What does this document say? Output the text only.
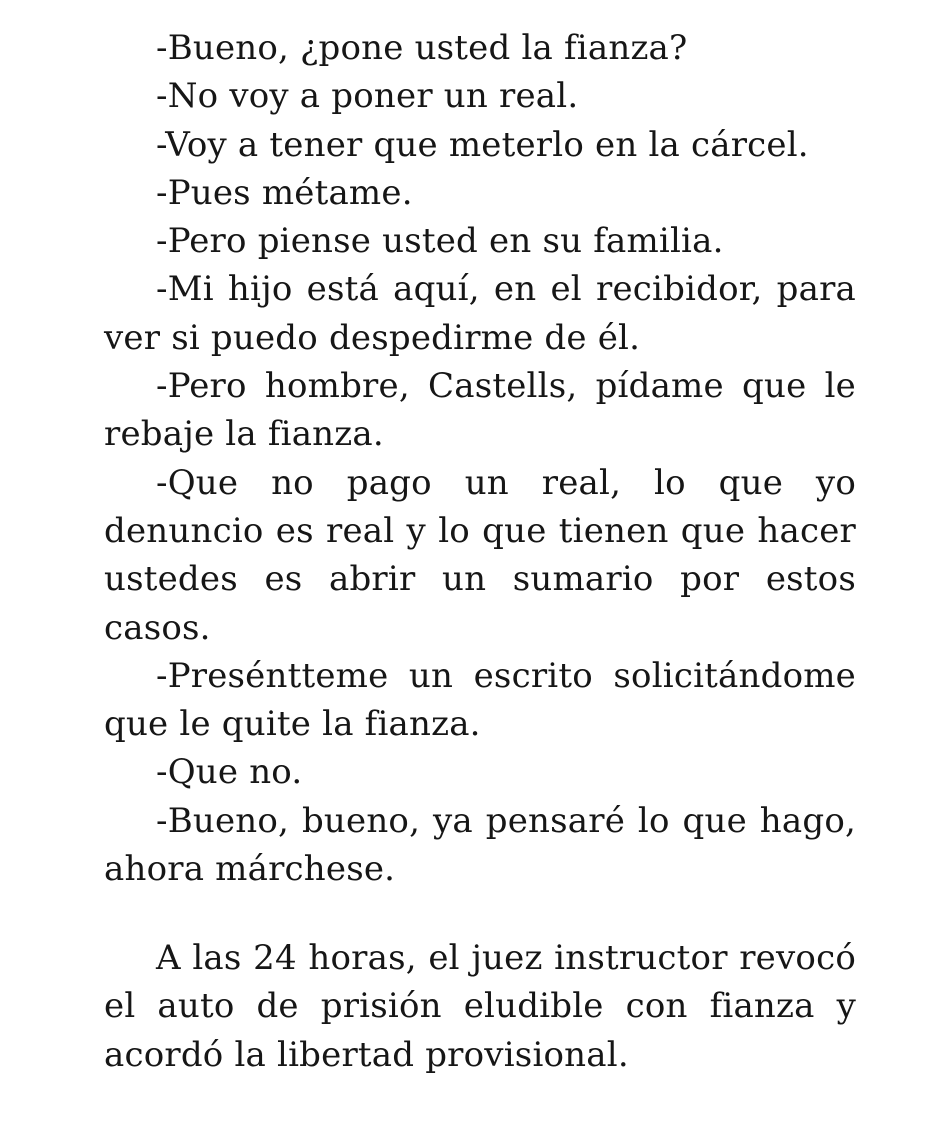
-Bueno, ¿pone usted la fianza?

-No voy a poner un real.

-Voy a tener que meterlo en la cárcel.

-Pues métame.

-Pero piense usted en su familia.

-Mi hijo está aquí, en el recibidor, para ver si puedo despedirme de él.

-Pero hombre, Castells, pídame que le rebaje la fianza.

-Que no pago un real, lo que yo denuncio es real y lo que tienen que hacer ustedes es abrir un sumario por estos casos.

-Preséntteme un escrito solicitándome que le quite la fianza.

-Que no.

-Bueno, bueno, ya pensaré lo que hago, ahora márchese.

A las 24 horas, el juez instructor revocó el auto de prisión eludible con fianza y acordó la libertad provisional.
